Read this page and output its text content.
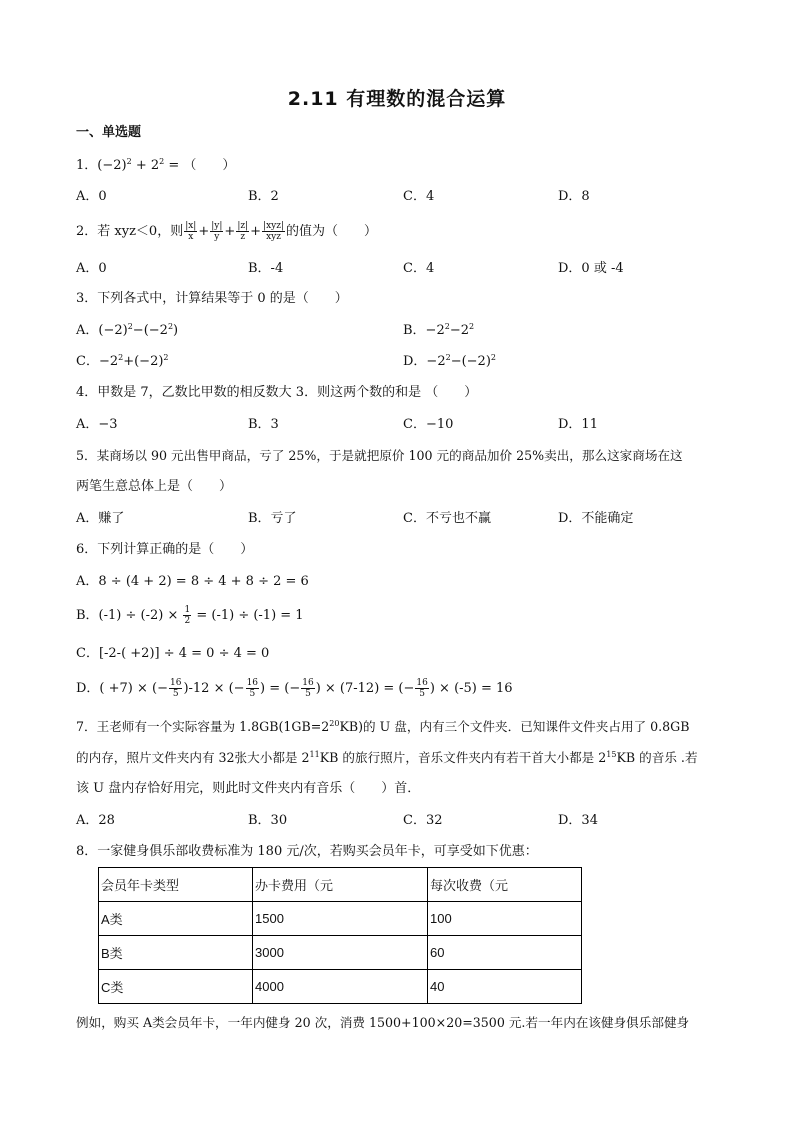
2.11 有理数的混合运算
一、单选题
1．$(-2)^2 + 2^2$ = （　　）
A．0	B．2	C．4	D．8
2．若 xyz＜0，则 $\frac{|x|}{x} + \frac{|y|}{y} + \frac{|z|}{z} + \frac{\text{|xyz|}}{\text{xyz}}$ 的值为（　　）
A．0	B．-4	C．4	D．0 或 -4
3．下列各式中，计算结果等于 0 的是（　　）
A．$(-2)^2-(-2^2)$	B．$-2^2-2^2$
C．$-2^2+(-2)^2$	D．$-2^2-(-2)^2$
4．甲数是 7，乙数比甲数的相反数大 3．则这两个数的和是 （　　）
A．−3	B．3	C．−10	D．11
5．某商场以 90 元出售甲商品，亏了 25%，于是就把原价 100 元的商品加价 25%卖出，那么这家商场在这
两笔生意总体上是（　　）
A．赚了	B．亏了	C．不亏也不赢	D．不能确定
6．下列计算正确的是（　　）
A．8 ÷ (4 + 2) = 8 ÷ 4 + 8 ÷ 2 = 6
B．$(-1) \div (-2) \times \frac{1}{2} = (-1) \div (-1) = 1$
C．[-2-( +2)] ÷ 4 = 0 ÷ 4 = 0
D．( +7) × (− $\frac{16}{5} )-12$ × (− $\frac{16}{5}$ ) = (− $\frac{16}{5}$ ) × (7-12) = (− $\frac{16}{5}$ ) × (-5) = 16
7．王老师有一个实际容量为 $1.8GB(1GB=2^{20}KB)$的 U 盘，内有三个文件夹．已知课件文件夹占用了 0.8GB
的内存，照片文件夹内有 32张大小都是 $2^{11}KB$ 的旅行照片，音乐文件夹内有若干首大小都是 $2^{15}KB$ 的音乐 .若
该 U 盘内存恰好用完，则此时文件夹内有音乐（　　）首．
A．28	B．30	C．32	D．34
8．一家健身俱乐部收费标准为 180 元/次，若购买会员年卡，可享受如下优惠：
会员年卡类型	办卡费用（元	每次收费（元
A类	1500	100
B类	3000	60
C类	4000	40
例如，购买 A类会员年卡，一年内健身 20 次，消费 1500+100×20=3500 元.若一年内在该健身俱乐部健身
